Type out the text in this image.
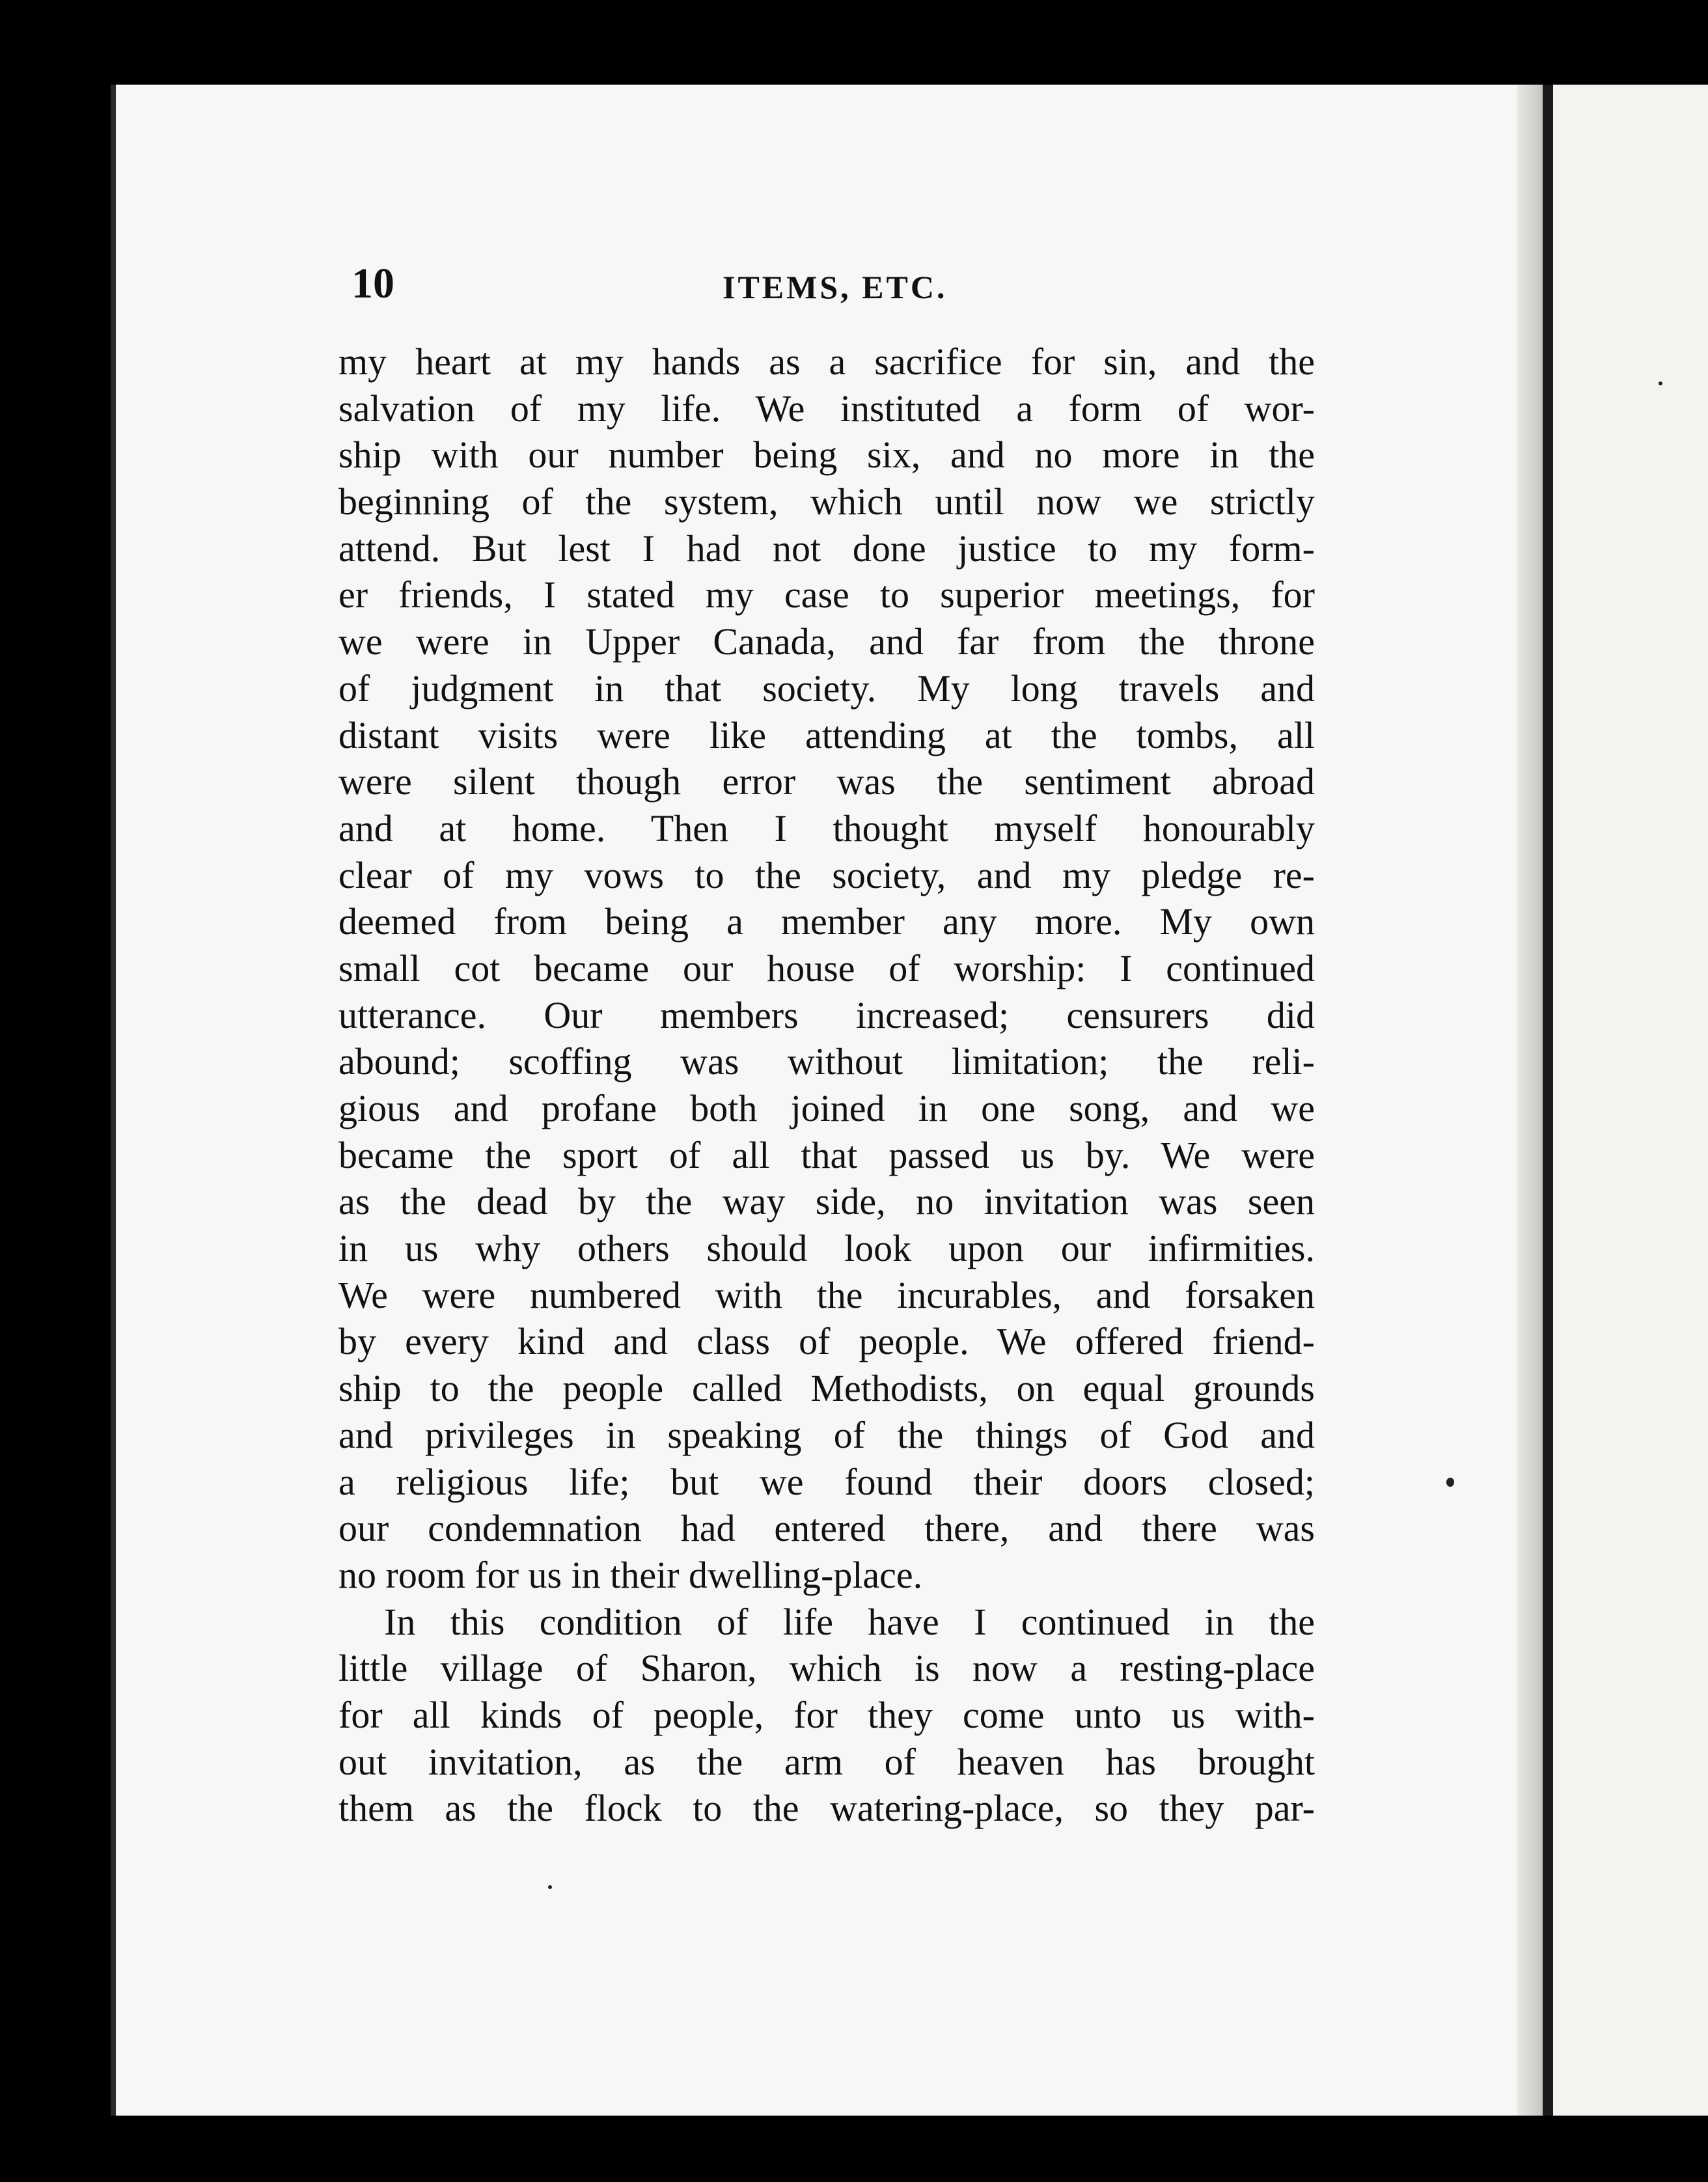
10	ITEMS, ETC.
my heart at my hands as a sacrifice for sin, and the
salvation of my life. We instituted a form of wor-
ship with our number being six, and no more in the
beginning of the system, which until now we strictly
attend. But lest I had not done justice to my form-
er friends, I stated my case to superior meetings, for
we were in Upper Canada, and far from the throne
of judgment in that society. My long travels and
distant visits were like attending at the tombs, all
were silent though error was the sentiment abroad
and at home. Then I thought myself honourably
clear of my vows to the society, and my pledge re-
deemed from being a member any more. My own
small cot became our house of worship: I continued
utterance. Our members increased; censurers did
abound; scoffing was without limitation; the reli-
gious and profane both joined in one song, and we
became the sport of all that passed us by. We were
as the dead by the way side, no invitation was seen
in us why others should look upon our infirmities.
We were numbered with the incurables, and forsaken
by every kind and class of people. We offered friend-
ship to the people called Methodists, on equal grounds
and privileges in speaking of the things of God and
a religious life; but we found their doors closed;
our condemnation had entered there, and there was
no room for us in their dwelling-place.
In this condition of life have I continued in the
little village of Sharon, which is now a resting-place
for all kinds of people, for they come unto us with-
out invitation, as the arm of heaven has brought
them as the flock to the watering-place, so they par-
